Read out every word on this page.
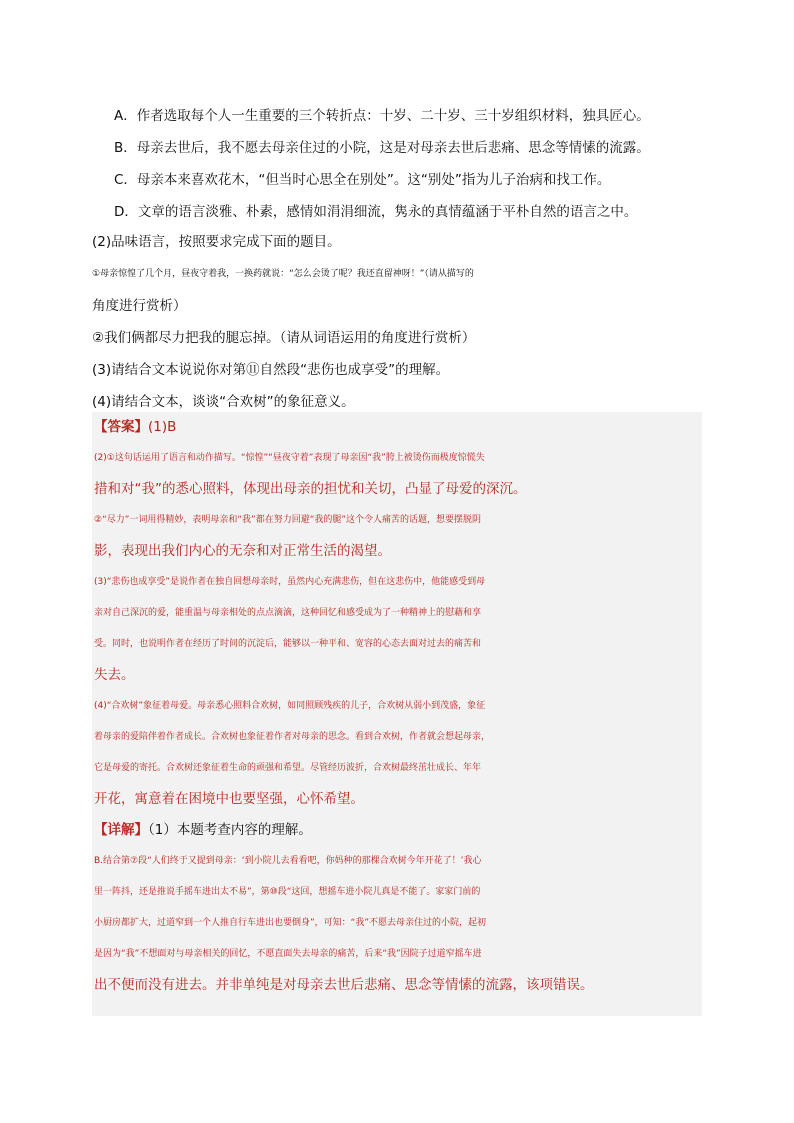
A．作者选取每个人一生重要的三个转折点：十岁、二十岁、三十岁组织材料，独具匠心。
B．母亲去世后，我不愿去母亲住过的小院，这是对母亲去世后悲痛、思念等情愫的流露。
C．母亲本来喜欢花木，“但当时心思全在别处”。这“别处”指为儿子治病和找工作。
D．文章的语言淡雅、朴素，感情如涓涓细流，隽永的真情蕴涵于平朴自然的语言之中。

(2)品味语言，按照要求完成下面的题目。

①母亲惊惶了几个月，昼夜守着我，一换药就说：“怎么会烫了呢？我还直留神呀！”（请从描写的

角度进行赏析）

②我们俩都尽力把我的腿忘掉。（请从词语运用的角度进行赏析）

(3)请结合文本说说你对第⑪自然段“悲伤也成享受”的理解。

(4)请结合文本，谈谈“合欢树”的象征意义。

【答案】(1)B

(2)①这句话运用了语言和动作描写。“惊惶”“昼夜守着”表现了母亲因“我”胯上被烫伤而极度惊慌失

措和对“我”的悉心照料，体现出母亲的担忧和关切，凸显了母爱的深沉。

②“尽力”一词用得精妙，表明母亲和“我”都在努力回避“我的腿”这个令人痛苦的话题，想要摆脱阴

影，表现出我们内心的无奈和对正常生活的渴望。

(3)“悲伤也成享受”是说作者在独自回想母亲时，虽然内心充满悲伤，但在这悲伤中，他能感受到母

亲对自己深沉的爱，能重温与母亲相处的点点滴滴，这种回忆和感受成为了一种精神上的慰藉和享

受。同时，也说明作者在经历了时间的沉淀后，能够以一种平和、宽容的心态去面对过去的痛苦和

失去。

(4)“合欢树”象征着母爱。母亲悉心照料合欢树，如同照顾残疾的儿子，合欢树从弱小到茂盛，象征

着母亲的爱陪伴着作者成长。合欢树也象征着作者对母亲的思念。看到合欢树，作者就会想起母亲，

它是母爱的寄托。合欢树还象征着生命的顽强和希望。尽管经历波折，合欢树最终茁壮成长、年年

开花，寓意着在困境中也要坚强，心怀希望。

【详解】（1）本题考查内容的理解。

B.结合第⑦段“人们终于又提到母亲：‘到小院儿去看看吧，你妈种的那棵合欢树今年开花了！’我心

里一阵抖，还是推说手摇车进出太不易”，第⑩段“这回，想摇车进小院儿真是不能了。家家门前的

小厨房都扩大，过道窄到一个人推自行车进出也要倒身”，可知：“我”不愿去母亲住过的小院，起初

是因为“我”不想面对与母亲相关的回忆，不愿直面失去母亲的痛苦，后来“我”因院子过道窄摇车进

出不便而没有进去。并非单纯是对母亲去世后悲痛、思念等情愫的流露，该项错误。
